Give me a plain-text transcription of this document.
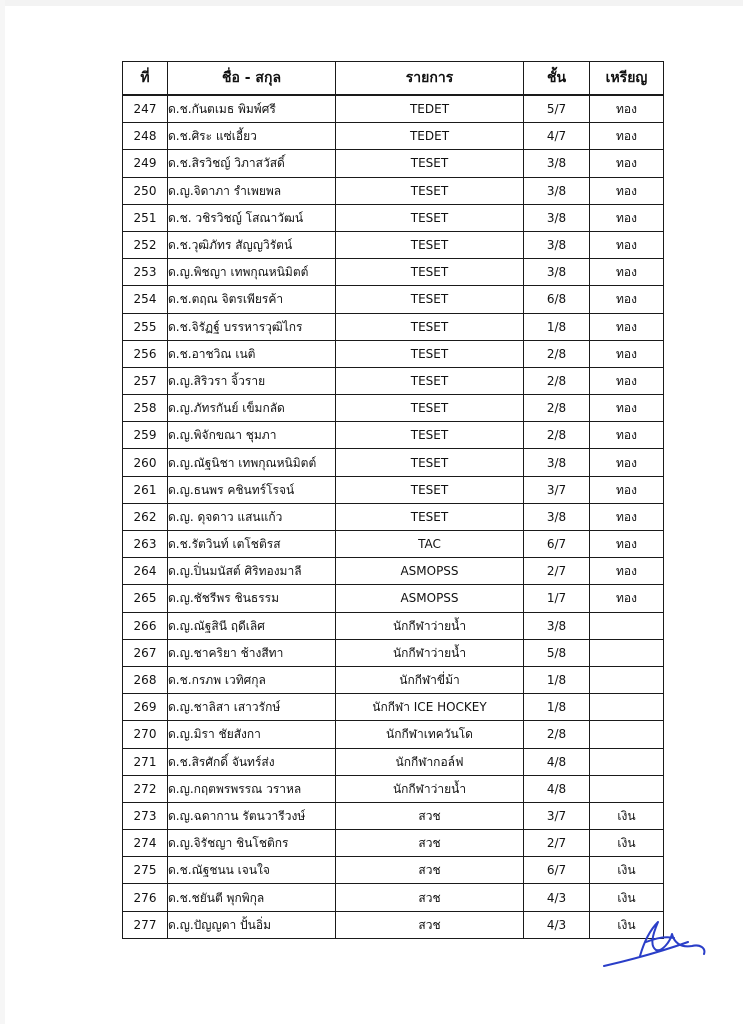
ที่	ชื่อ - สกุล	รายการ	ชั้น	เหรียญ
247	ด.ช.กันตเมธ พิมพ์ศรี	TEDET	5/7	ทอง
248	ด.ช.ศิระ แซ่เอี้ยว	TEDET	4/7	ทอง
249	ด.ช.สิรวิชญ์ วิภาสวัสดิ์	TESET	3/8	ทอง
250	ด.ญ.จิดาภา รำเพยพล	TESET	3/8	ทอง
251	ด.ช. วชิรวิชญ์ โสณาวัฒน์	TESET	3/8	ทอง
252	ด.ช.วุฒิภัทร สัญญวิรัตน์	TESET	3/8	ทอง
253	ด.ญ.พิชญา เทพกุณหนิมิตต์	TESET	3/8	ทอง
254	ด.ช.ตฤณ จิตรเพียรค้า	TESET	6/8	ทอง
255	ด.ช.จิรัฏฐ์ บรรหารวุฒิไกร	TESET	1/8	ทอง
256	ด.ช.อาชวิณ เนติ	TESET	2/8	ทอง
257	ด.ญ.สิริวรา จิ้วราย	TESET	2/8	ทอง
258	ด.ญ.ภัทรกันย์ เข็มกลัด	TESET	2/8	ทอง
259	ด.ญ.พิจักขณา ชุมภา	TESET	2/8	ทอง
260	ด.ญ.ณัฐนิชา เทพกุณหนิมิตต์	TESET	3/8	ทอง
261	ด.ญ.ธนพร คชินทร์โรจน์	TESET	3/7	ทอง
262	ด.ญ. ดุจดาว แสนแก้ว	TESET	3/8	ทอง
263	ด.ช.รัตวินท์ เตโชติรส	TAC	6/7	ทอง
264	ด.ญ.ปิ่นมนัสต์ ศิริทองมาลี	ASMOPSS	2/7	ทอง
265	ด.ญ.ชัชรีพร ชินธรรม	ASMOPSS	1/7	ทอง
266	ด.ญ.ณัฐสินี ฤดีเลิศ	นักกีฬาว่ายน้ำ	3/8	
267	ด.ญ.ชาคริยา ช้างสีทา	นักกีฬาว่ายน้ำ	5/8	
268	ด.ช.กรภพ เวทิศกุล	นักกีฬาขี่ม้า	1/8	
269	ด.ญ.ชาลิสา เสาวรักษ์	นักกีฬา ICE HOCKEY	1/8	
270	ด.ญ.มิรา ชัยสังกา	นักกีฬาเทควันโด	2/8	
271	ด.ช.สิรศักดิ์ จันทร์ส่ง	นักกีฬากอล์ฟ	4/8	
272	ด.ญ.กฤตพรพรรณ วราหล	นักกีฬาว่ายน้ำ	4/8	
273	ด.ญ.ฉดากาน รัตนวารีวงษ์	สวช	3/7	เงิน
274	ด.ญ.จิรัชญา ชินโชติกร	สวช	2/7	เงิน
275	ด.ช.ณัฐชนน เจนใจ	สวช	6/7	เงิน
276	ด.ช.ชยันตี พุกพิกุล	สวช	4/3	เงิน
277	ด.ญ.ปัญญดา ปั้นอิ่ม	สวช	4/3	เงิน
